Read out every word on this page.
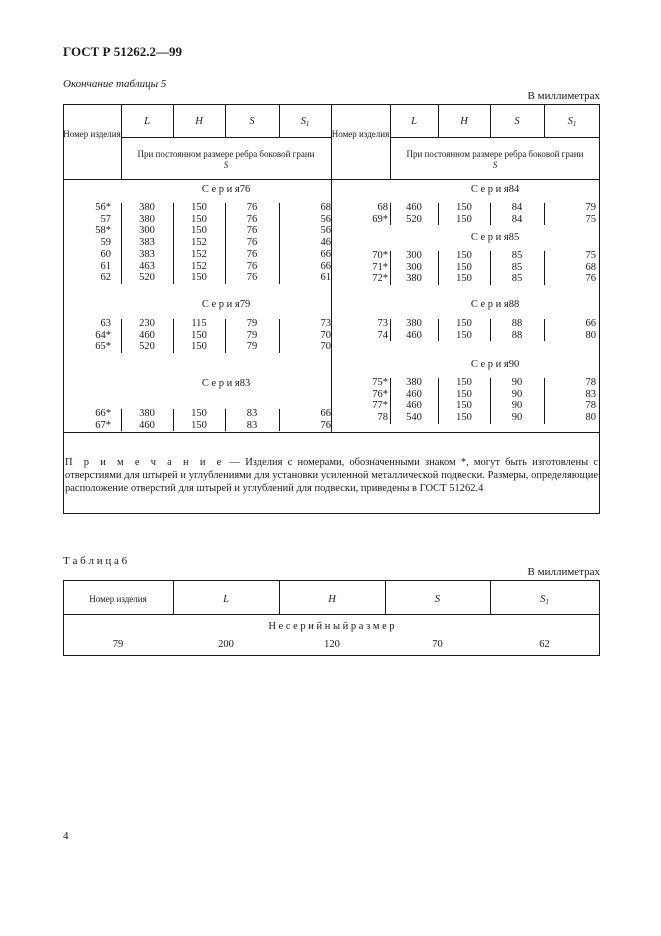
ГОСТ Р 51262.2—99
Окончание таблицы 5
В миллиметрах
Номер изделия
L	H	S	$S_1$
При постоянном размере ребра боковой грани
S
Номер изделия
L	H	S	$S_1$
При постоянном размере ребра боковой грани
S
С е р и я76
56*	380	150	76	68
57	380	150	76	56
58*	300	150	76	56
59	383	152	76	46
60	383	152	76	66
61	463	152	76	66
62	520	150	76	61
С е р и я79
63	230	115	79	73
64*	460	150	79	70
65*	520	150	79	70
С е р и я83
66*	380	150	83	66
67*	460	150	83	76
С е р и я84
68	460	150	84	79
69*	520	150	84	75
С е р и я85
70*	300	150	85	75
71*	300	150	85	68
72*	380	150	85	76
С е р и я88
73	380	150	88	66
74	460	150	88	80
С е р и я90
75*	380	150	90	78
76*	460	150	90	83
77*	460	150	90	78
78	540	150	90	80
П р и м е ч а н и е — Изделия с номерами, обозначенными знаком *, могут быть изготовлены с отверстиями для штырей и углублениями для установки усиленной металлической подвески. Размеры, определяющие расположение отверстий для штырей и углублений для подвески, приведены в ГОСТ 51262.4
Т а б л и ц а 6
В миллиметрах
Номер изделия	L	H	S	$S_1$
Н е с е р и й н ы й р а з м е р
79	200	120	70	62
4
